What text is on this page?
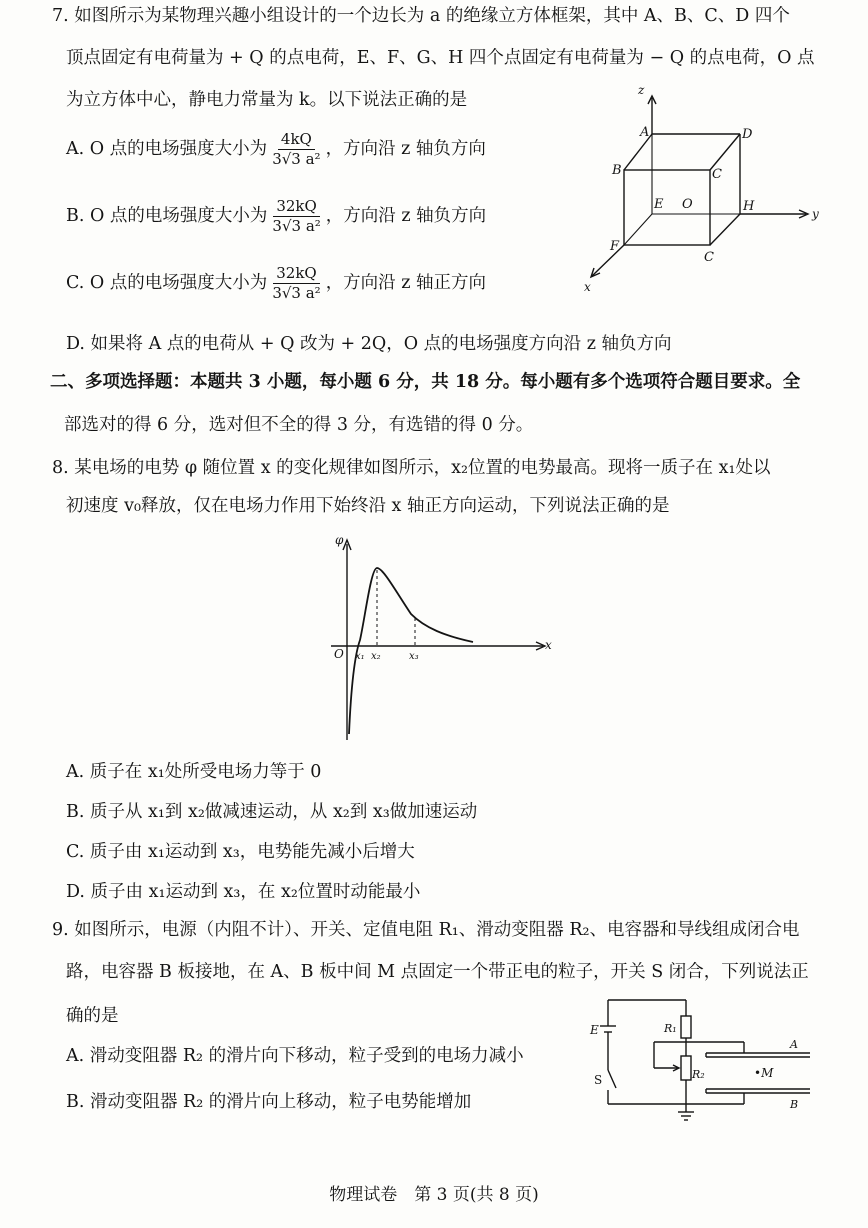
7. 如图所示为某物理兴趣小组设计的一个边长为 a 的绝缘立方体框架，其中 A、B、C、D 四个
顶点固定有电荷量为 + Q 的点电荷，E、F、G、H 四个点固定有电荷量为 − Q 的点电荷，O 点
为立方体中心，静电力常量为 k。以下说法正确的是
A. O 点的电场强度大小为 $\frac{4kQ}{\text{3√3 a²}}$ ，方向沿 z 轴负方向
B. O 点的电场强度大小为 $\frac{32kQ}{\text{3√3 a²}}$ ，方向沿 z 轴负方向
C. O 点的电场强度大小为 $\frac{32kQ}{\text{3√3 a²}}$ ，方向沿 z 轴正方向
D. 如果将 A 点的电荷从 + Q 改为 + 2Q，O 点的电场强度方向沿 z 轴负方向
z
y
x
A	D
B	C
E O	H
F
C
二、多项选择题：本题共 3 小题，每小题 6 分，共 18 分。每小题有多个选项符合题目要求。全
部选对的得 6 分，选对但不全的得 3 分，有选错的得 0 分。
8. 某电场的电势 φ 随位置 x 的变化规律如图所示，x₂位置的电势最高。现将一质子在 x₁处以
初速度 v₀释放，仅在电场力作用下始终沿 x 轴正方向运动，下列说法正确的是
φ
x
O x₁ x₂	x₃
A. 质子在 x₁处所受电场力等于 0
B. 质子从 x₁到 x₂做减速运动，从 x₂到 x₃做加速运动
C. 质子由 x₁运动到 x₃，电势能先减小后增大
D. 质子由 x₁运动到 x₃，在 x₂位置时动能最小
9. 如图所示，电源（内阻不计）、开关、定值电阻 R₁、滑动变阻器 R₂、电容器和导线组成闭合电
路，电容器 B 板接地，在 A、B 板中间 M 点固定一个带正电的粒子，开关 S 闭合，下列说法正
确的是
A. 滑动变阻器 R₂ 的滑片向下移动，粒子受到的电场力减小
B. 滑动变阻器 R₂ 的滑片向上移动，粒子电势能增加
E
S
R₁
R₂
A
B
•M
物理试卷　第 3 页(共 8 页)
